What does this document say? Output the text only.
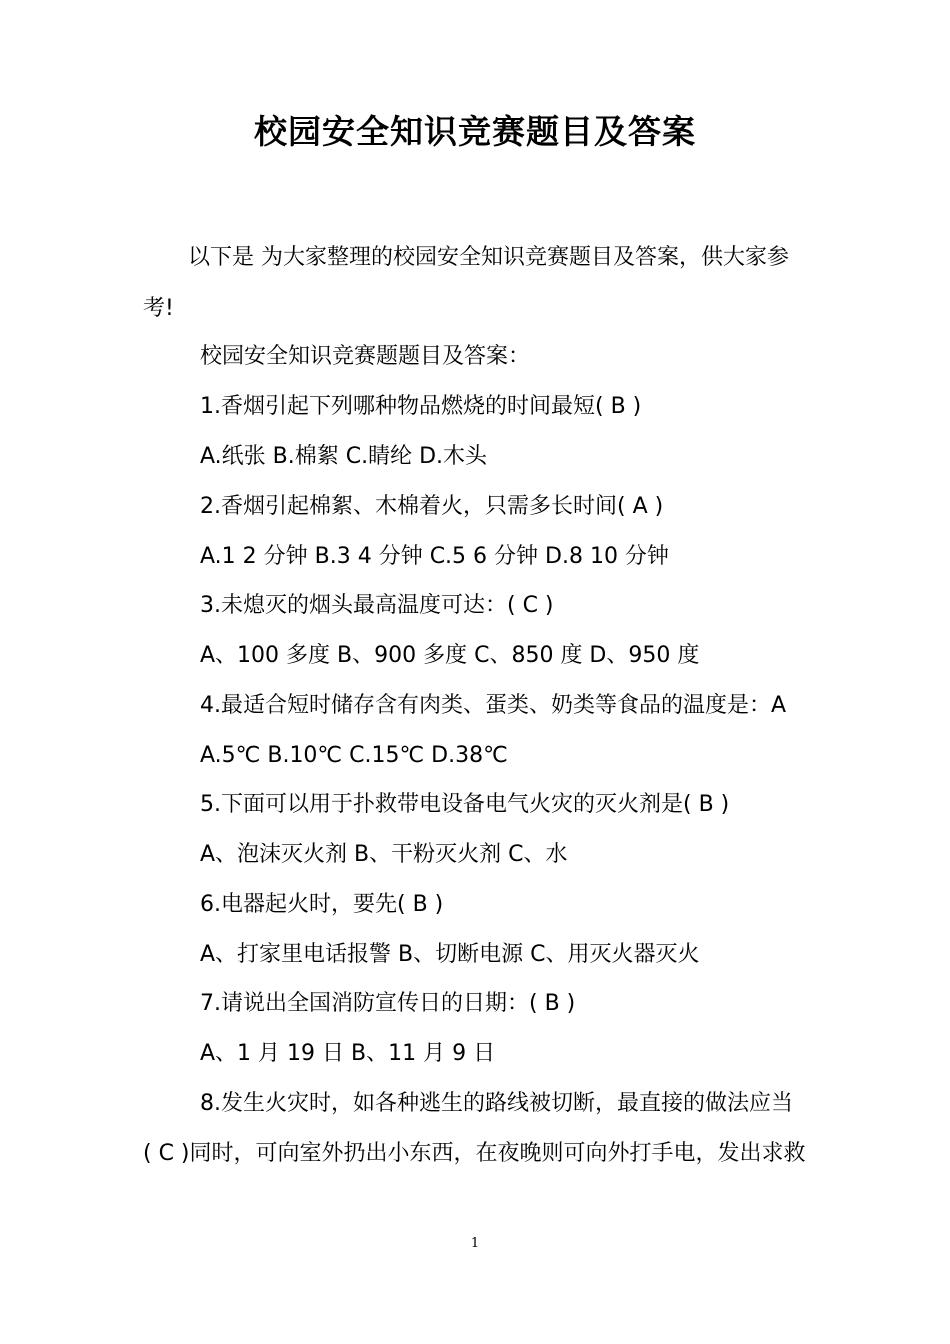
校园安全知识竞赛题目及答案

以下是 为大家整理的校园安全知识竞赛题目及答案，供大家参

考!

校园安全知识竞赛题题目及答案：

1.香烟引起下列哪种物品燃烧的时间最短( B )

A.纸张 B.棉絮 C.睛纶 D.木头

2.香烟引起棉絮、木棉着火，只需多长时间( A )

A.1 2 分钟 B.3 4 分钟 C.5 6 分钟 D.8 10 分钟

3.未熄灭的烟头最高温度可达：( C )

A、100 多度 B、900 多度 C、850 度 D、950 度

4.最适合短时储存含有肉类、蛋类、奶类等食品的温度是：A

A.5℃ B.10℃ C.15℃ D.38℃

5.下面可以用于扑救带电设备电气火灾的灭火剂是( B )

A、泡沫灭火剂 B、干粉灭火剂 C、水

6.电器起火时，要先( B )

A、打家里电话报警 B、切断电源 C、用灭火器灭火

7.请说出全国消防宣传日的日期：( B )

A、1 月 19 日 B、11 月 9 日

8.发生火灾时，如各种逃生的路线被切断，最直接的做法应当

( C )同时，可向室外扔出小东西，在夜晚则可向外打手电，发出求救

1
